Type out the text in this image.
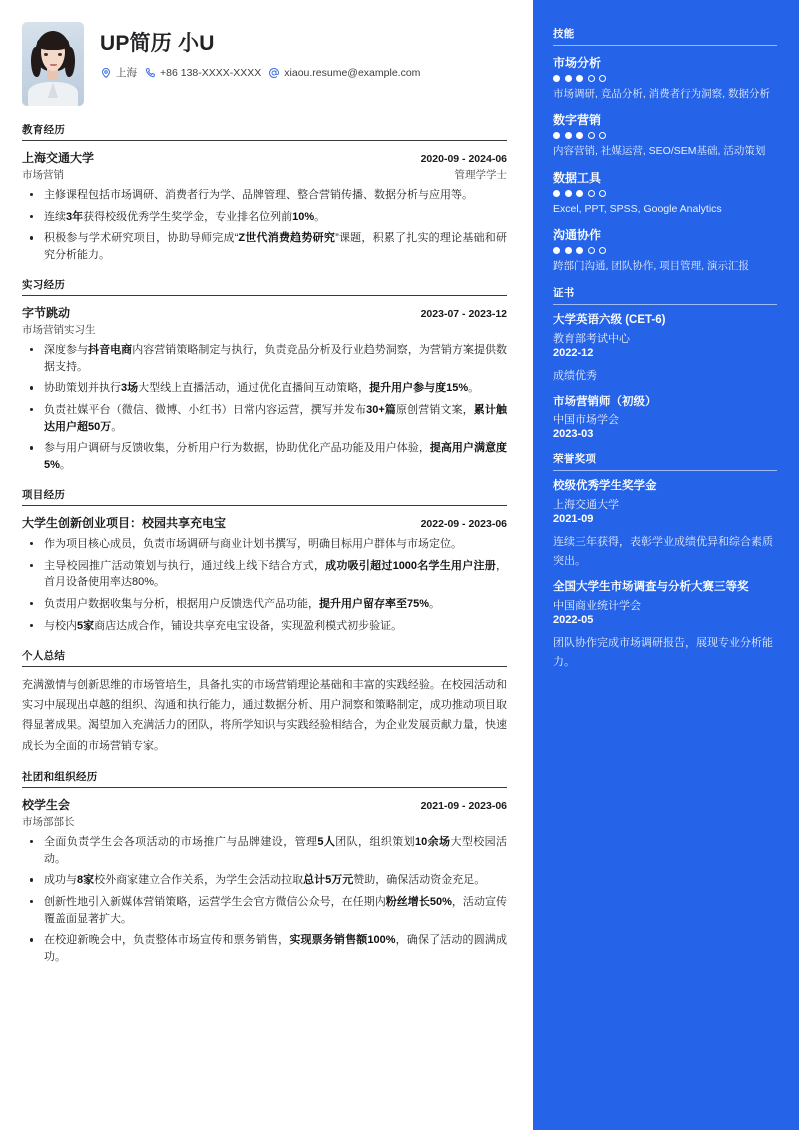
UP简历 小U
上海 +86 138-XXXX-XXXX xiaou.resume@example.com
教育经历
上海交通大学	2020-09 - 2024-06
市场营销	管理学学士
主修课程包括市场调研、消费者行为学、品牌管理、整合营销传播、数据分析与应用等。
连续3年获得校级优秀学生奖学金，专业排名位列前10%。
积极参与学术研究项目，协助导师完成“Z世代消费趋势研究”课题，积累了扎实的理论基础和研究分析能力。
实习经历
字节跳动	2023-07 - 2023-12
市场营销实习生
深度参与抖音电商内容营销策略制定与执行，负责竞品分析及行业趋势洞察，为营销方案提供数据支持。
协助策划并执行3场大型线上直播活动，通过优化直播间互动策略，提升用户参与度15%。
负责社媒平台（微信、微博、小红书）日常内容运营，撰写并发布30+篇原创营销文案，累计触达用户超50万。
参与用户调研与反馈收集，分析用户行为数据，协助优化产品功能及用户体验，提高用户满意度5%。
项目经历
大学生创新创业项目：校园共享充电宝	2022-09 - 2023-06
作为项目核心成员，负责市场调研与商业计划书撰写，明确目标用户群体与市场定位。
主导校园推广活动策划与执行，通过线上线下结合方式，成功吸引超过1000名学生用户注册，首月设备使用率达80%。
负责用户数据收集与分析，根据用户反馈迭代产品功能，提升用户留存率至75%。
与校内5家商店达成合作，铺设共享充电宝设备，实现盈利模式初步验证。
个人总结
充满激情与创新思维的市场管培生，具备扎实的市场营销理论基础和丰富的实践经验。在校园活动和实习中展现出卓越的组织、沟通和执行能力，通过数据分析、用户洞察和策略制定，成功推动项目取得显著成果。渴望加入充满活力的团队，将所学知识与实践经验相结合，为企业发展贡献力量，快速成长为全面的市场营销专家。
社团和组织经历
校学生会	2021-09 - 2023-06
市场部部长
全面负责学生会各项活动的市场推广与品牌建设，管理5人团队，组织策划10余场大型校园活动。
成功与8家校外商家建立合作关系，为学生会活动拉取总计5万元赞助，确保活动资金充足。
创新性地引入新媒体营销策略，运营学生会官方微信公众号，在任期内粉丝增长50%，活动宣传覆盖面显著扩大。
在校迎新晚会中，负责整体市场宣传和票务销售，实现票务销售额100%，确保了活动的圆满成功。
技能
市场分析
市场调研, 竞品分析, 消费者行为洞察, 数据分析
数字营销
内容营销, 社媒运营, SEO/SEM基础, 活动策划
数据工具
Excel, PPT, SPSS, Google Analytics
沟通协作
跨部门沟通, 团队协作, 项目管理, 演示汇报
证书
大学英语六级 (CET-6)
教育部考试中心
2022-12
成绩优秀
市场营销师（初级）
中国市场学会
2023-03
荣誉奖项
校级优秀学生奖学金
上海交通大学
2021-09
连续三年获得，表彰学业成绩优异和综合素质突出。
全国大学生市场调查与分析大赛三等奖
中国商业统计学会
2022-05
团队协作完成市场调研报告，展现专业分析能力。
